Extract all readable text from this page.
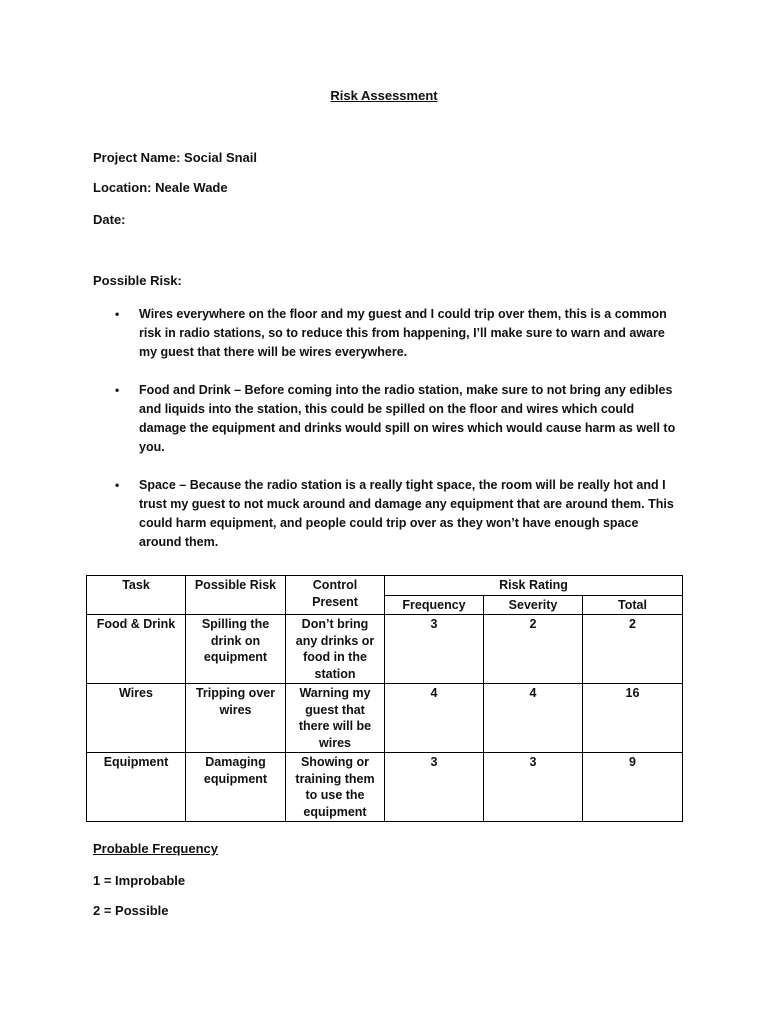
Risk Assessment
Project Name: Social Snail
Location: Neale Wade
Date:
Possible Risk:
• Wires everywhere on the floor and my guest and I could trip over them, this is a common risk in radio stations, so to reduce this from happening, I’ll make sure to warn and aware my guest that there will be wires everywhere.
• Food and Drink – Before coming into the radio station, make sure to not bring any edibles and liquids into the station, this could be spilled on the floor and wires which could damage the equipment and drinks would spill on wires which would cause harm as well to you.
• Space – Because the radio station is a really tight space, the room will be really hot and I trust my guest to not muck around and damage any equipment that are around them. This could harm equipment, and people could trip over as they won’t have enough space around them.
Task	Possible Risk	Control Present	Risk Rating		
			Frequency	Severity	Total
Food & Drink	Spilling the drink on equipment	Don’t bring any drinks or food in the station	3	2	2
Wires	Tripping over wires	Warning my guest that there will be wires	4	4	16
Equipment	Damaging equipment	Showing or training them to use the equipment	3	3	9
Probable Frequency
1 = Improbable
2 = Possible
